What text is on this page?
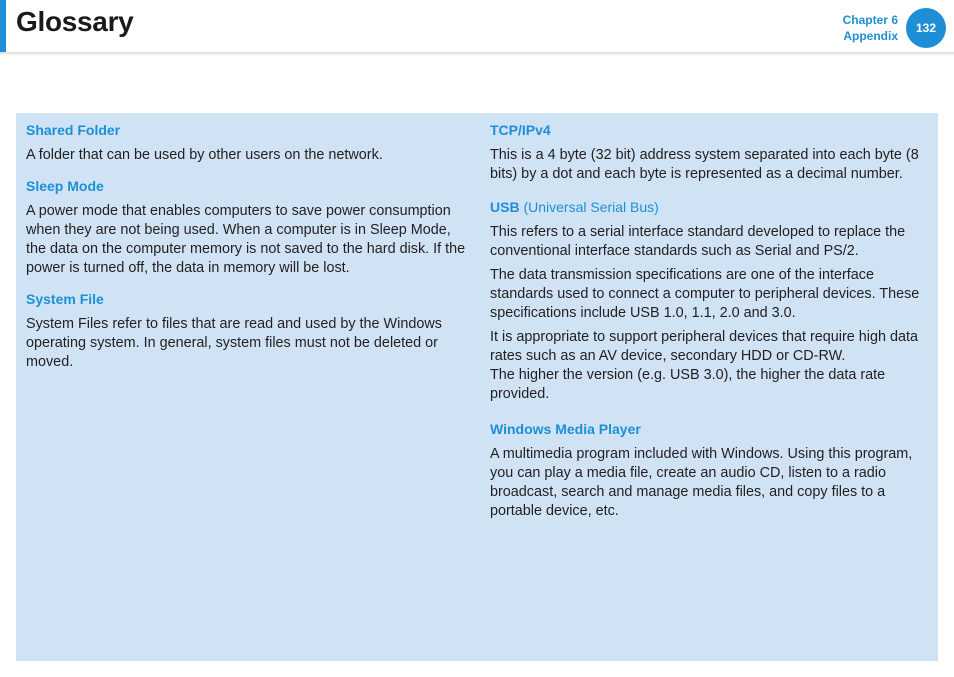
Glossary	Chapter 6
Appendix
132
Shared Folder
A folder that can be used by other users on the network.
Sleep Mode
A power mode that enables computers to save power consumption when they are not being used. When a computer is in Sleep Mode, the data on the computer memory is not saved to the hard disk. If the power is turned off, the data in memory will be lost.
System File
System Files refer to files that are read and used by the Windows operating system. In general, system files must not be deleted or moved.
TCP/IPv4
This is a 4 byte (32 bit) address system separated into each byte (8 bits) by a dot and each byte is represented as a decimal number.
USB (Universal Serial Bus)
This refers to a serial interface standard developed to replace the conventional interface standards such as Serial and PS/2.
The data transmission specifications are one of the interface standards used to connect a computer to peripheral devices. These specifications include USB 1.0, 1.1, 2.0 and 3.0.
It is appropriate to support peripheral devices that require high data rates such as an AV device, secondary HDD or CD-RW.
The higher the version (e.g. USB 3.0), the higher the data rate provided.
Windows Media Player
A multimedia program included with Windows. Using this program, you can play a media file, create an audio CD, listen to a radio broadcast, search and manage media files, and copy files to a portable device, etc.
